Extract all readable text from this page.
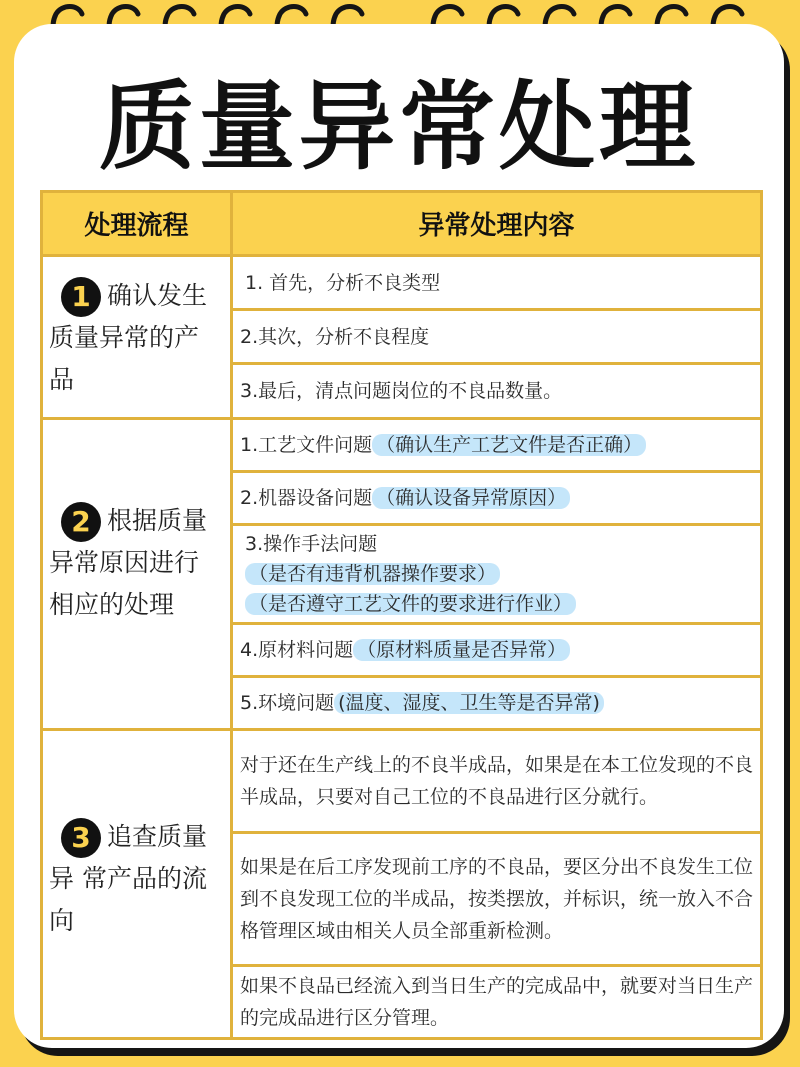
质量异常处理
处理流程	异常处理内容
1 确认发生质量异常的产品
1. 首先，分析不良类型
2.其次，分析不良程度
3.最后，清点问题岗位的不良品数量。
2 根据质量异常原因进行相应的处理
1.工艺文件问题 （确认生产工艺文件是否正确）
2.机器设备问题 （确认设备异常原因）
3.操作手法问题
（是否有违背机器操作要求）
（是否遵守工艺文件的要求进行作业）
4.原材料问题 （原材料质量是否异常）
5.环境问题 (温度、湿度、卫生等是否异常)
3 追查质量异 常产品的流向
对于还在生产线上的不良半成品，如果是在本工位发现的不良半成品，只要对自己工位的不良品进行区分就行。
如果是在后工序发现前工序的不良品，要区分出不良发生工位到不良发现工位的半成品，按类摆放，并标识，统一放入不合格管理区域由相关人员全部重新检测。
如果不良品已经流入到当日生产的完成品中，就要对当日生产的完成品进行区分管理。
